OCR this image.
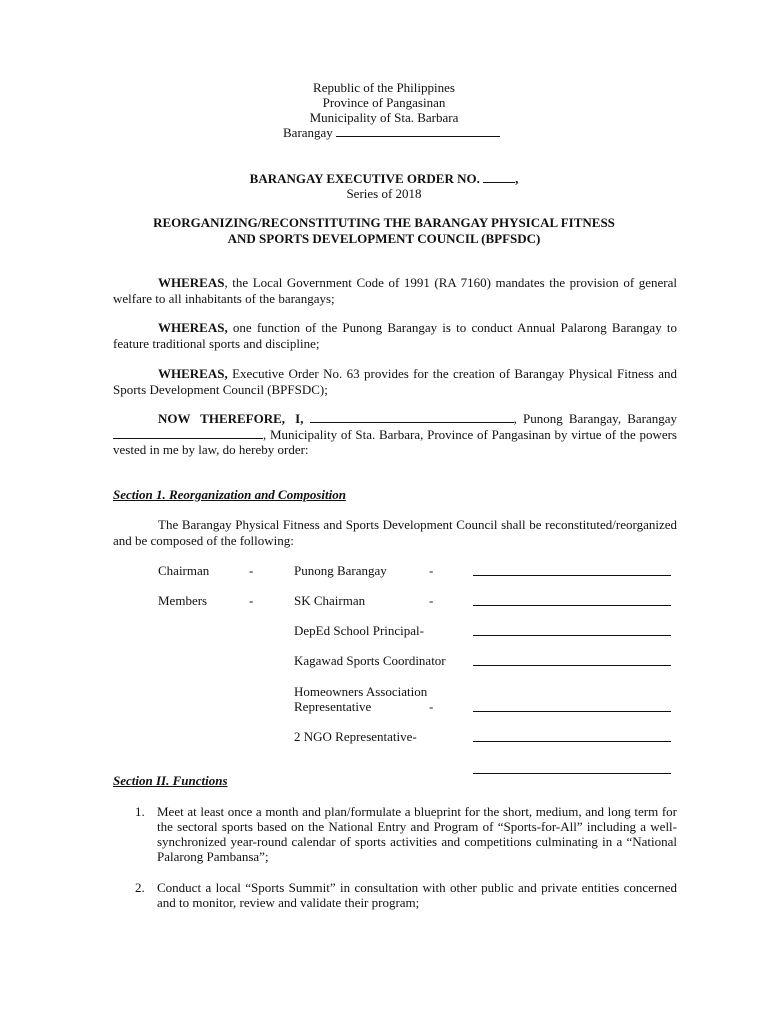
Republic of the Philippines
Province of Pangasinan
Municipality of Sta. Barbara
Barangay
BARANGAY EXECUTIVE ORDER NO. ,
Series of 2018
REORGANIZING/RECONSTITUTING THE BARANGAY PHYSICAL FITNESS
AND SPORTS DEVELOPMENT COUNCIL (BPFSDC)
WHEREAS, the Local Government Code of 1991 (RA 7160) mandates the provision of general welfare to all inhabitants of the barangays;
WHEREAS, one function of the Punong Barangay is to conduct Annual Palarong Barangay to feature traditional sports and discipline;
WHEREAS, Executive Order No. 63 provides for the creation of Barangay Physical Fitness and Sports Development Council (BPFSDC);
NOW THEREFORE, I,	, Punong Barangay, Barangay , Municipality of Sta. Barbara, Province of Pangasinan by virtue of the powers vested in me by law, do hereby order:
Section 1. Reorganization and Composition
The Barangay Physical Fitness and Sports Development Council shall be reconstituted/reorganized and be composed of the following:
Chairman	-	Punong Barangay	-
Members	-	SK Chairman	-
DepEd School Principal-
Kagawad Sports Coordinator
Homeowners Association
Representative	-
2 NGO Representative-
Section II. Functions
1. Meet at least once a month and plan/formulate a blueprint for the short, medium, and long term for the sectoral sports based on the National Entry and Program of “Sports-for-All” including a well-synchronized year-round calendar of sports activities and competitions culminating in a “National Palarong Pambansa”;
2. Conduct a local “Sports Summit” in consultation with other public and private entities concerned and to monitor, review and validate their program;
